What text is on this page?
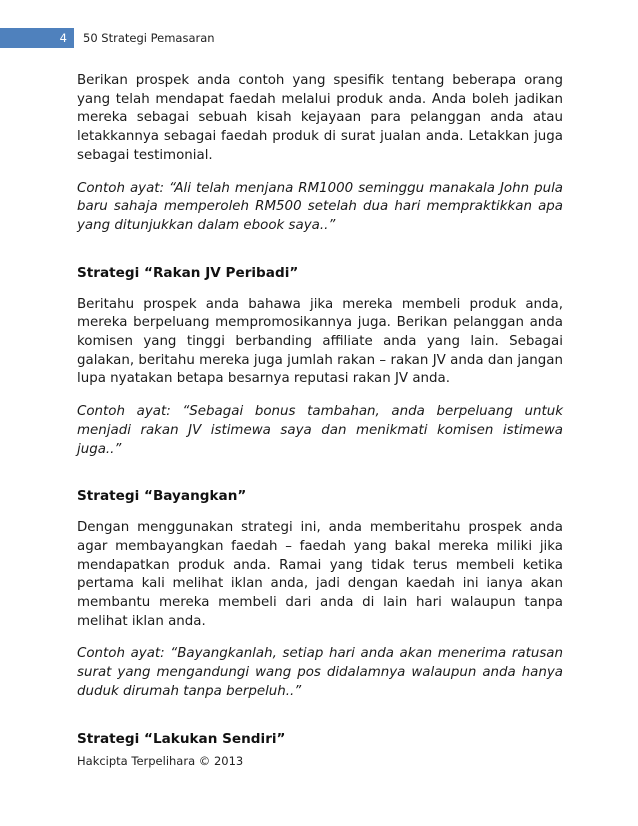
4 50 Strategi Pemasaran

Berikan prospek anda contoh yang spesifik tentang beberapa orang yang telah mendapat faedah melalui produk anda. Anda boleh jadikan mereka sebagai sebuah kisah kejayaan para pelanggan anda atau letakkannya sebagai faedah produk di surat jualan anda. Letakkan juga sebagai testimonial.

Contoh ayat: “Ali telah menjana RM1000 seminggu manakala John pula baru sahaja memperoleh RM500 setelah dua hari mempraktikkan apa yang ditunjukkan dalam ebook saya..”

Strategi “Rakan JV Peribadi”

Beritahu prospek anda bahawa jika mereka membeli produk anda, mereka berpeluang mempromosikannya juga. Berikan pelanggan anda komisen yang tinggi berbanding affiliate anda yang lain. Sebagai galakan, beritahu mereka juga jumlah rakan – rakan JV anda dan jangan lupa nyatakan betapa besarnya reputasi rakan JV anda.

Contoh ayat: “Sebagai bonus tambahan, anda berpeluang untuk menjadi rakan JV istimewa saya dan menikmati komisen istimewa juga..”

Strategi “Bayangkan”

Dengan menggunakan strategi ini, anda memberitahu prospek anda agar membayangkan faedah – faedah yang bakal mereka miliki jika mendapatkan produk anda. Ramai yang tidak terus membeli ketika pertama kali melihat iklan anda, jadi dengan kaedah ini ianya akan membantu mereka membeli dari anda di lain hari walaupun tanpa melihat iklan anda.

Contoh ayat: “Bayangkanlah, setiap hari anda akan menerima ratusan surat yang mengandungi wang pos didalamnya walaupun anda hanya duduk dirumah tanpa berpeluh..”

Strategi “Lakukan Sendiri”
Hakcipta Terpelihara © 2013
